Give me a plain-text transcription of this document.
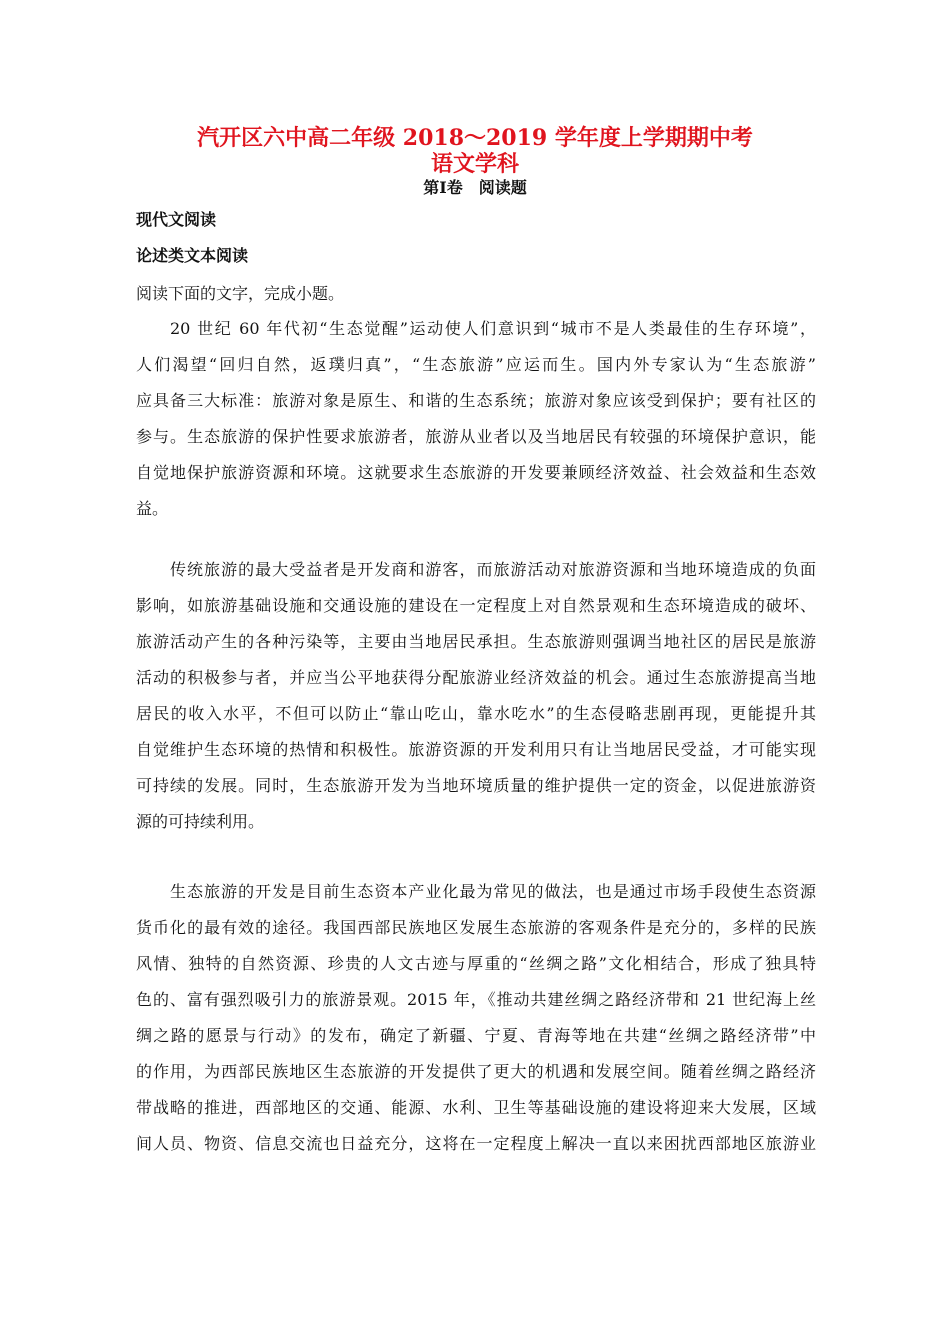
汽开区六中高二年级 2018～2019 学年度上学期期中考
语文学科
第Ⅰ卷　阅读题
现代文阅读
论述类文本阅读
阅读下面的文字，完成小题。
20 世纪 60 年代初“生态觉醒”运动使人们意识到“城市不是人类最佳的生存环境”，
人们渴望“回归自然，返璞归真”，“生态旅游”应运而生。国内外专家认为“生态旅游”
应具备三大标准：旅游对象是原生、和谐的生态系统；旅游对象应该受到保护；要有社区的
参与。生态旅游的保护性要求旅游者，旅游从业者以及当地居民有较强的环境保护意识，能
自觉地保护旅游资源和环境。这就要求生态旅游的开发要兼顾经济效益、社会效益和生态效
益。
传统旅游的最大受益者是开发商和游客，而旅游活动对旅游资源和当地环境造成的负面
影响，如旅游基础设施和交通设施的建设在一定程度上对自然景观和生态环境造成的破坏、
旅游活动产生的各种污染等，主要由当地居民承担。生态旅游则强调当地社区的居民是旅游
活动的积极参与者，并应当公平地获得分配旅游业经济效益的机会。通过生态旅游提高当地
居民的收入水平，不但可以防止“靠山吃山，靠水吃水”的生态侵略悲剧再现，更能提升其
自觉维护生态环境的热情和积极性。旅游资源的开发利用只有让当地居民受益，才可能实现
可持续的发展。同时，生态旅游开发为当地环境质量的维护提供一定的资金，以促进旅游资
源的可持续利用。
生态旅游的开发是目前生态资本产业化最为常见的做法，也是通过市场手段使生态资源
货币化的最有效的途径。我国西部民族地区发展生态旅游的客观条件是充分的，多样的民族
风情、独特的自然资源、珍贵的人文古迹与厚重的“丝绸之路”文化相结合，形成了独具特
色的、富有强烈吸引力的旅游景观。2015 年，《推动共建丝绸之路经济带和 21 世纪海上丝
绸之路的愿景与行动》的发布，确定了新疆、宁夏、青海等地在共建“丝绸之路经济带”中
的作用，为西部民族地区生态旅游的开发提供了更大的机遇和发展空间。随着丝绸之路经济
带战略的推进，西部地区的交通、能源、水利、卫生等基础设施的建设将迎来大发展，区域
间人员、物资、信息交流也日益充分，这将在一定程度上解决一直以来困扰西部地区旅游业
